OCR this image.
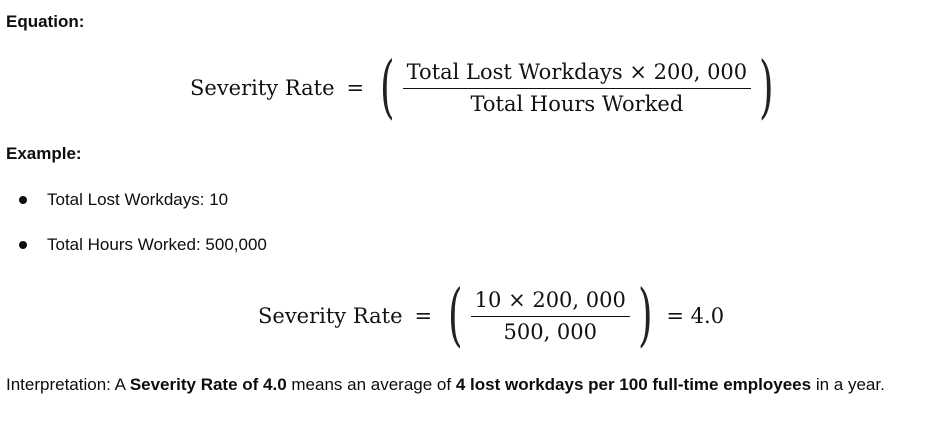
Equation:
Severity Rate = ( $\frac{\text{Total Lost Workdays × 200, 000}}{\text{Total Hours Worked}}$ )
Example:
Total Lost Workdays: 10
Total Hours Worked: 500,000
Severity Rate = ( $\frac{10 \times 200, 000}{500, 000}$ ) = 4.0

Interpretation: A Severity Rate of 4.0 means an average of 4 lost workdays per 100 full-time employees in a year.
